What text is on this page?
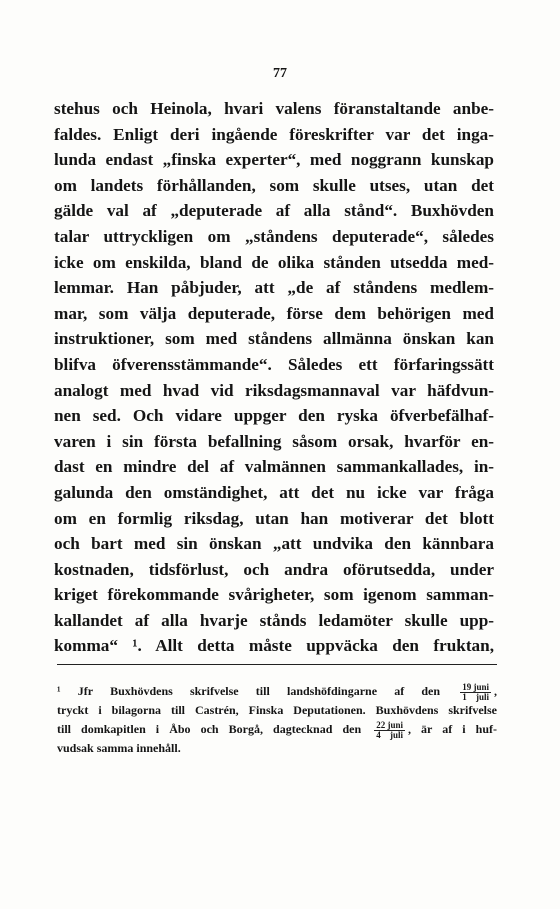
77
stehus och Heinola, hvari valens föranstaltande anbe-
faldes. Enligt deri ingående föreskrifter var det inga-
lunda endast „finska experter“, med noggrann kunskap
om landets förhållanden, som skulle utses, utan det
gälde val af „deputerade af alla stånd“. Buxhövden
talar uttryckligen om „ståndens deputerade“, således
icke om enskilda, bland de olika stånden utsedda med-
lemmar. Han påbjuder, att „de af ståndens medlem-
mar, som välja deputerade, förse dem behörigen med
instruktioner, som med ståndens allmänna önskan kan
blifva öfverensstämmande“. Således ett förfaringssätt
analogt med hvad vid riksdagsmannaval var häfdvun-
nen sed. Och vidare uppger den ryska öfverbefälhaf-
varen i sin första befallning såsom orsak, hvarför en-
dast en mindre del af valmännen sammankallades, in-
galunda den omständighet, att det nu icke var fråga
om en formlig riksdag, utan han motiverar det blott
och bart med sin önskan „att undvika den kännbara
kostnaden, tidsförlust, och andra oförutsedda, under
kriget förekommande svårigheter, som igenom samman-
kallandet af alla hvarje stånds ledamöter skulle upp-
komma“ ¹. Allt detta måste uppväcka den fruktan,
¹ Jfr Buxhövdens skrifvelse till landshöfdingarne af den $\frac{\text{19 juni}}{\text{1 juli}}$ ,
tryckt i bilagorna till Castrén, Finska Deputationen. Buxhövdens skrifvelse
till domkapitlen i Åbo och Borgå, dagtecknad den $\frac{\text{22 juni}}{\text{4 juli}}$ , är af i huf-
vudsak samma innehåll.
